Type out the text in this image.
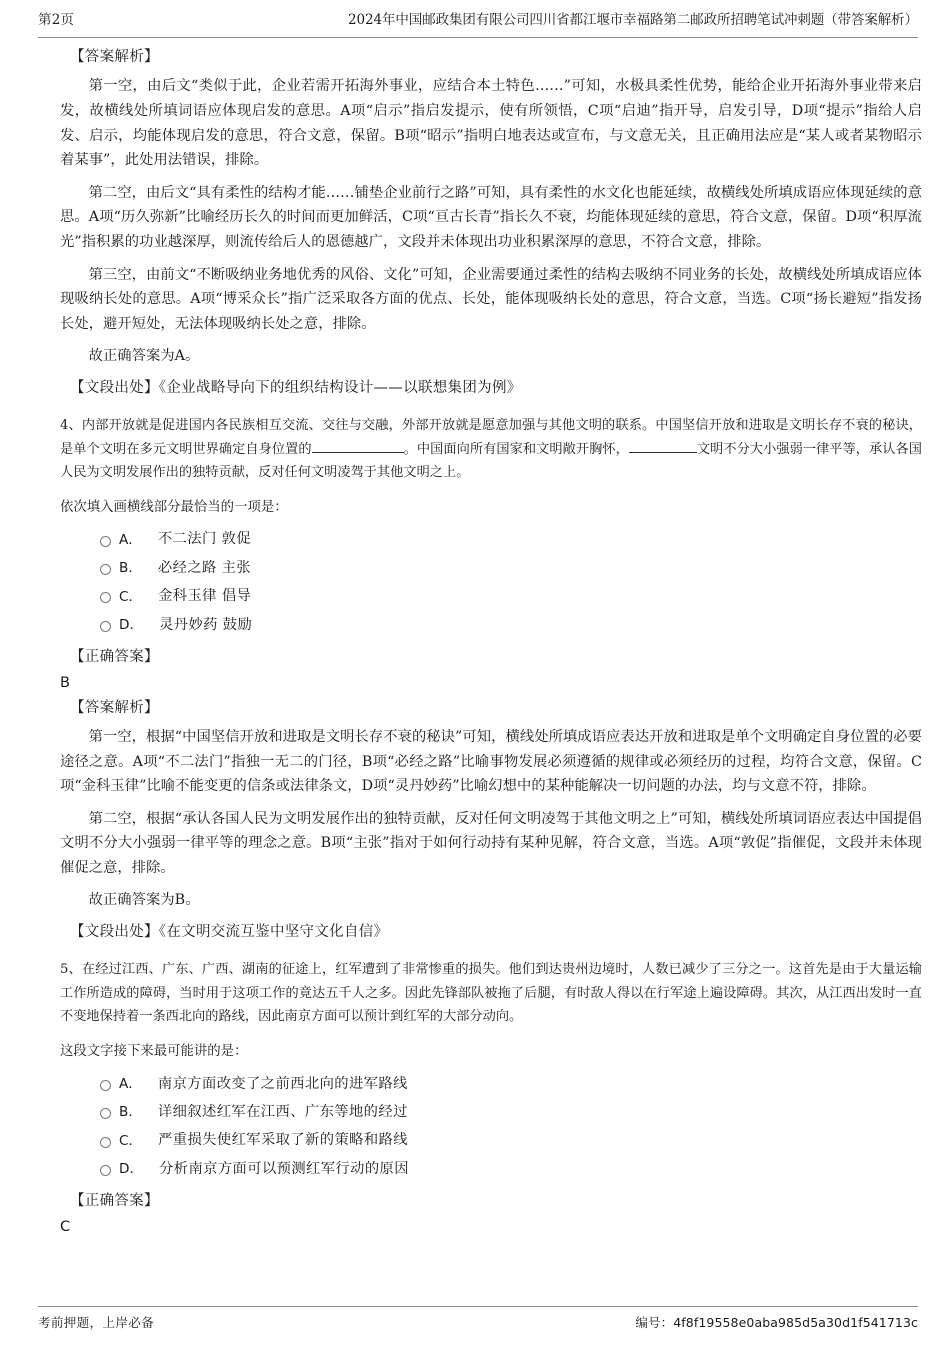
第2页	2024年中国邮政集团有限公司四川省都江堰市幸福路第二邮政所招聘笔试冲刺题（带答案解析）
【答案解析】

第一空，由后文“类似于此，企业若需开拓海外事业，应结合本土特色……”可知，水极具柔性优势，能给企业开拓海外事业带来启发，故横线处所填词语应体现启发的意思。A项“启示”指启发提示，使有所领悟，C项“启迪”指开导，启发引导，D项“提示”指给人启发、启示，均能体现启发的意思，符合文意，保留。B项“昭示”指明白地表达或宣布，与文意无关，且正确用法应是“某人或者某物昭示着某事”，此处用法错误，排除。

第二空，由后文“具有柔性的结构才能……铺垫企业前行之路”可知，具有柔性的水文化也能延续，故横线处所填成语应体现延续的意思。A项“历久弥新”比喻经历长久的时间而更加鲜活，C项“亘古长青”指长久不衰，均能体现延续的意思，符合文意，保留。D项“积厚流光”指积累的功业越深厚，则流传给后人的恩德越广，文段并未体现出功业积累深厚的意思，不符合文意，排除。

第三空，由前文“不断吸纳业务地优秀的风俗、文化”可知，企业需要通过柔性的结构去吸纳不同业务的长处，故横线处所填成语应体现吸纳长处的意思。A项“博采众长”指广泛采取各方面的优点、长处，能体现吸纳长处的意思，符合文意，当选。C项“扬长避短”指发扬长处，避开短处，无法体现吸纳长处之意，排除。

故正确答案为A。

【文段出处】《企业战略导向下的组织结构设计——以联想集团为例》

4、内部开放就是促进国内各民族相互交流、交往与交融，外部开放就是愿意加强与其他文明的联系。中国坚信开放和进取是文明长存不衰的秘诀，是单个文明在多元文明世界确定自身位置的	。中国面向所有国家和文明敞开胸怀，	文明不分大小强弱一律平等，承认各国人民为文明发展作出的独特贡献，反对任何文明凌驾于其他文明之上。

依次填入画横线部分最恰当的一项是：

A． 不二法门 敦促
B． 必经之路 主张
C． 金科玉律 倡导
D． 灵丹妙药 鼓励
【正确答案】
B
【答案解析】

第一空，根据“中国坚信开放和进取是文明长存不衰的秘诀”可知，横线处所填成语应表达开放和进取是单个文明确定自身位置的必要途径之意。A项“不二法门”指独一无二的门径，B项“必经之路”比喻事物发展必须遵循的规律或必须经历的过程，均符合文意，保留。C项“金科玉律”比喻不能变更的信条或法律条文，D项“灵丹妙药”比喻幻想中的某种能解决一切问题的办法，均与文意不符，排除。

第二空，根据“承认各国人民为文明发展作出的独特贡献，反对任何文明凌驾于其他文明之上”可知，横线处所填词语应表达中国提倡文明不分大小强弱一律平等的理念之意。B项“主张”指对于如何行动持有某种见解，符合文意，当选。A项“敦促”指催促，文段并未体现催促之意，排除。

故正确答案为B。

【文段出处】《在文明交流互鉴中坚守文化自信》

5、在经过江西、广东、广西、湖南的征途上，红军遭到了非常惨重的损失。他们到达贵州边境时，人数已减少了三分之一。这首先是由于大量运输工作所造成的障碍，当时用于这项工作的竟达五千人之多。因此先锋部队被拖了后腿，有时敌人得以在行军途上遍设障碍。其次，从江西出发时一直不变地保持着一条西北向的路线，因此南京方面可以预计到红军的大部分动向。

这段文字接下来最可能讲的是：

A． 南京方面改变了之前西北向的进军路线
B． 详细叙述红军在江西、广东等地的经过
C． 严重损失使红军采取了新的策略和路线
D． 分析南京方面可以预测红军行动的原因
【正确答案】
C
考前押题，上岸必备	编号：4f8f19558e0aba985d5a30d1f541713c
